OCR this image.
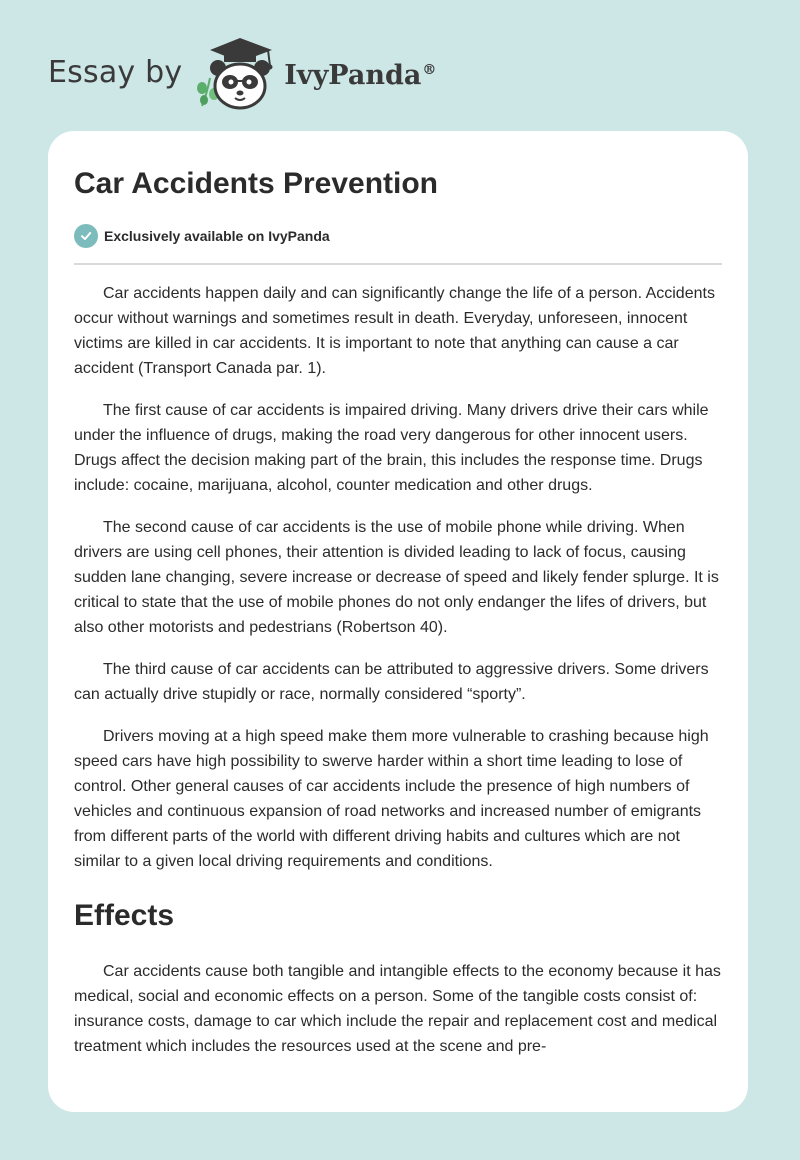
Essay by	IvyPanda®
Car Accidents Prevention
Exclusively available on IvyPanda

Car accidents happen daily and can significantly change the life of a person. Accidents occur without warnings and sometimes result in death. Everyday, unforeseen, innocent victims are killed in car accidents. It is important to note that anything can cause a car accident (Transport Canada par. 1).

The first cause of car accidents is impaired driving. Many drivers drive their cars while under the influence of drugs, making the road very dangerous for other innocent users. Drugs affect the decision making part of the brain, this includes the response time. Drugs include: cocaine, marijuana, alcohol, counter medication and other drugs.

The second cause of car accidents is the use of mobile phone while driving. When drivers are using cell phones, their attention is divided leading to lack of focus, causing sudden lane changing, severe increase or decrease of speed and likely fender splurge. It is critical to state that the use of mobile phones do not only endanger the lifes of drivers, but also other motorists and pedestrians (Robertson 40).

The third cause of car accidents can be attributed to aggressive drivers. Some drivers can actually drive stupidly or race, normally considered “sporty”.

Drivers moving at a high speed make them more vulnerable to crashing because high speed cars have high possibility to swerve harder within a short time leading to lose of control. Other general causes of car accidents include the presence of high numbers of vehicles and continuous expansion of road networks and increased number of emigrants from different parts of the world with different driving habits and cultures which are not similar to a given local driving requirements and conditions.

Effects

Car accidents cause both tangible and intangible effects to the economy because it has medical, social and economic effects on a person. Some of the tangible costs consist of: insurance costs, damage to car which include the repair and replacement cost and medical treatment which includes the resources used at the scene and pre-
